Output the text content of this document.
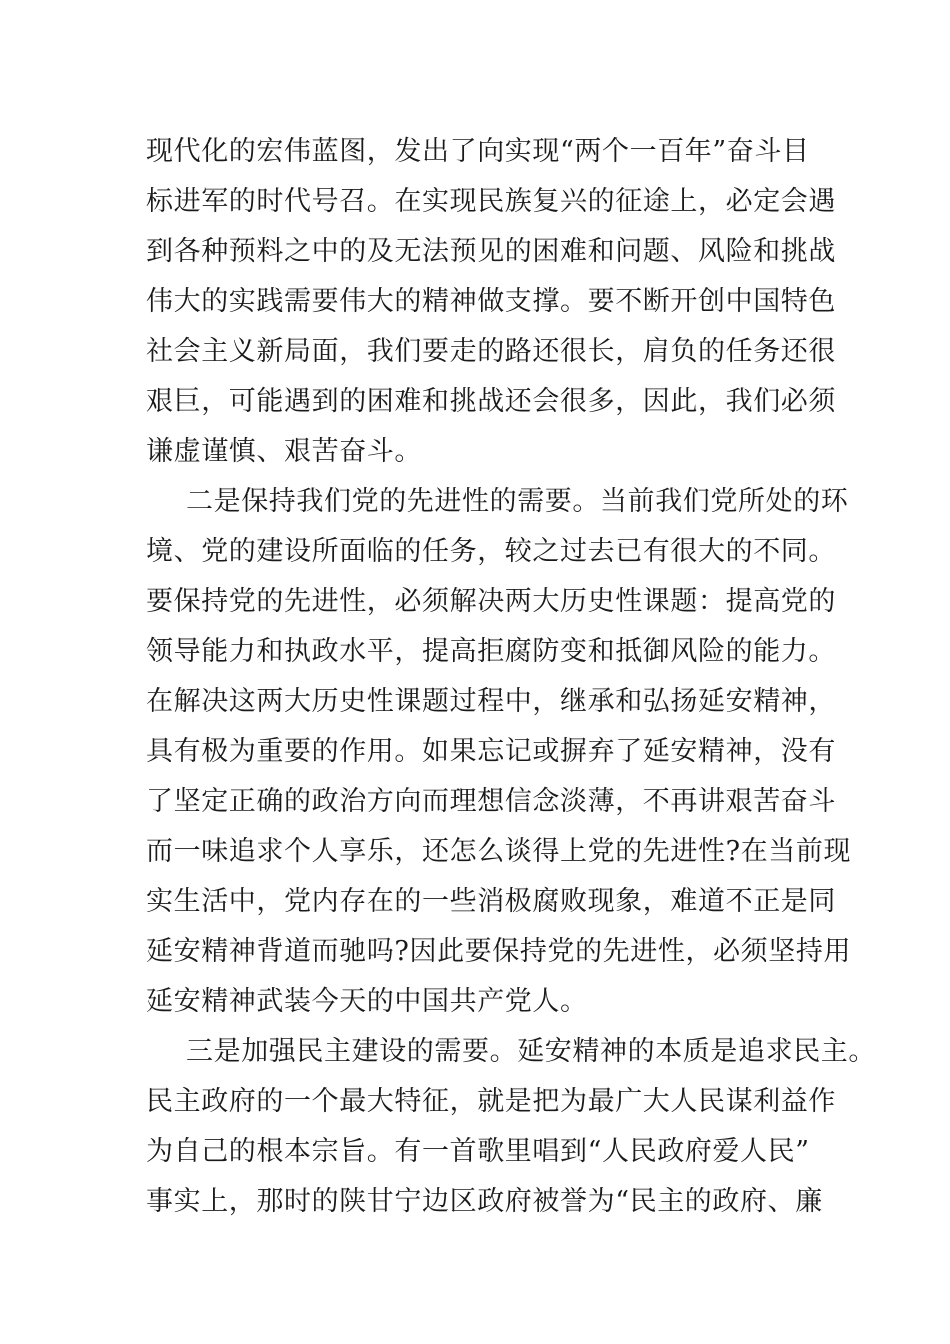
现代化的宏伟蓝图，发出了向实现“两个一百年”奋斗目
标进军的时代号召。在实现民族复兴的征途上，必定会遇
到各种预料之中的及无法预见的困难和问题、风险和挑战
伟大的实践需要伟大的精神做支撑。要不断开创中国特色
社会主义新局面，我们要走的路还很长，肩负的任务还很
艰巨，可能遇到的困难和挑战还会很多，因此，我们必须
谦虚谨慎、艰苦奋斗。
二是保持我们党的先进性的需要。当前我们党所处的环
境、党的建设所面临的任务，较之过去已有很大的不同。
要保持党的先进性，必须解决两大历史性课题：提高党的
领导能力和执政水平，提高拒腐防变和抵御风险的能力。
在解决这两大历史性课题过程中，继承和弘扬延安精神，
具有极为重要的作用。如果忘记或摒弃了延安精神，没有
了坚定正确的政治方向而理想信念淡薄，不再讲艰苦奋斗
而一味追求个人享乐，还怎么谈得上党的先进性?在当前现
实生活中，党内存在的一些消极腐败现象，难道不正是同
延安精神背道而驰吗?因此要保持党的先进性，必须坚持用
延安精神武装今天的中国共产党人。
三是加强民主建设的需要。延安精神的本质是追求民主。
民主政府的一个最大特征，就是把为最广大人民谋利益作
为自己的根本宗旨。有一首歌里唱到“人民政府爱人民”
事实上，那时的陕甘宁边区政府被誉为“民主的政府、廉
